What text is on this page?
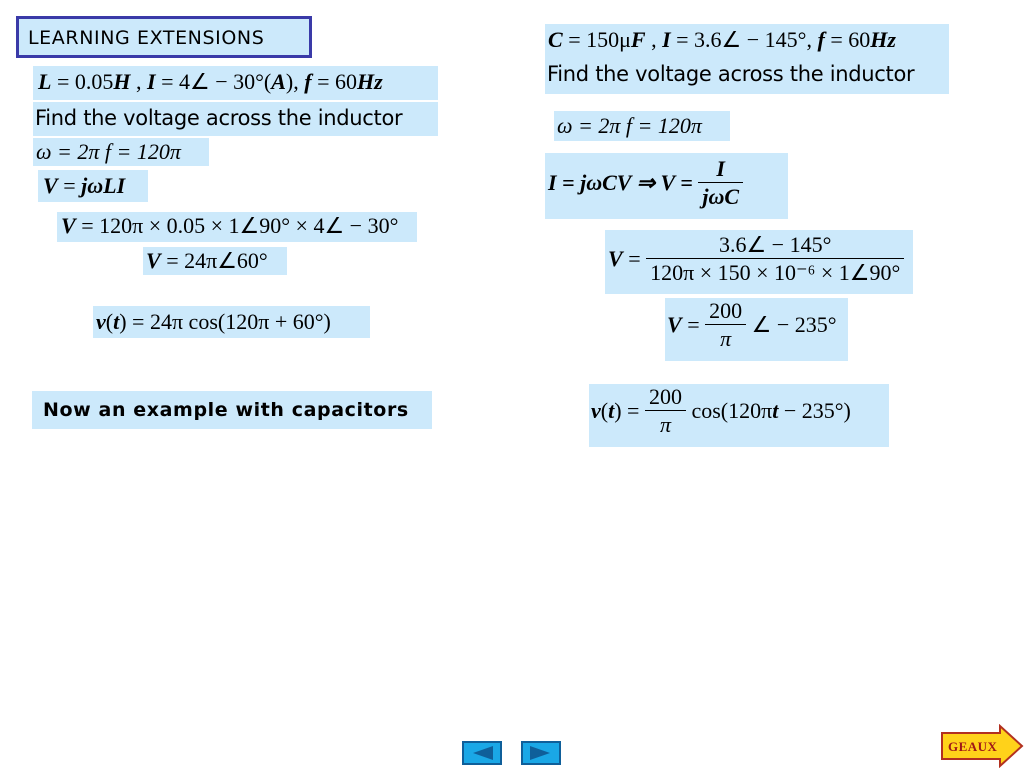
LEARNING EXTENSIONS
L = 0.05H , I = 4∠ − 30°(A), f = 60Hz
Find the voltage across the inductor
ω = 2π f = 120π
V = jωLI
V = 120π × 0.05 × 1∠90° × 4∠ − 30°
V = 24π∠60°
v(t) = 24π cos(120π + 60°)
Now an example with capacitors
C = 150μF , I = 3.6∠ − 145°, f = 60Hz
Find the voltage across the inductor
ω = 2π f = 120π
I = jωCV ⇒ $V = \frac{I}{\text{jωC}}$
$V = \frac{3.6\angle - 145^\circ}{\text{120π × 150 × 10⁻⁶ × 1∠90°}}$
$V = \frac{200}{\pi}$ ∠ − 235°
$v(t) = \frac{200}{\pi} \cos(120\pi t - 235^\circ)$
GEAUX
